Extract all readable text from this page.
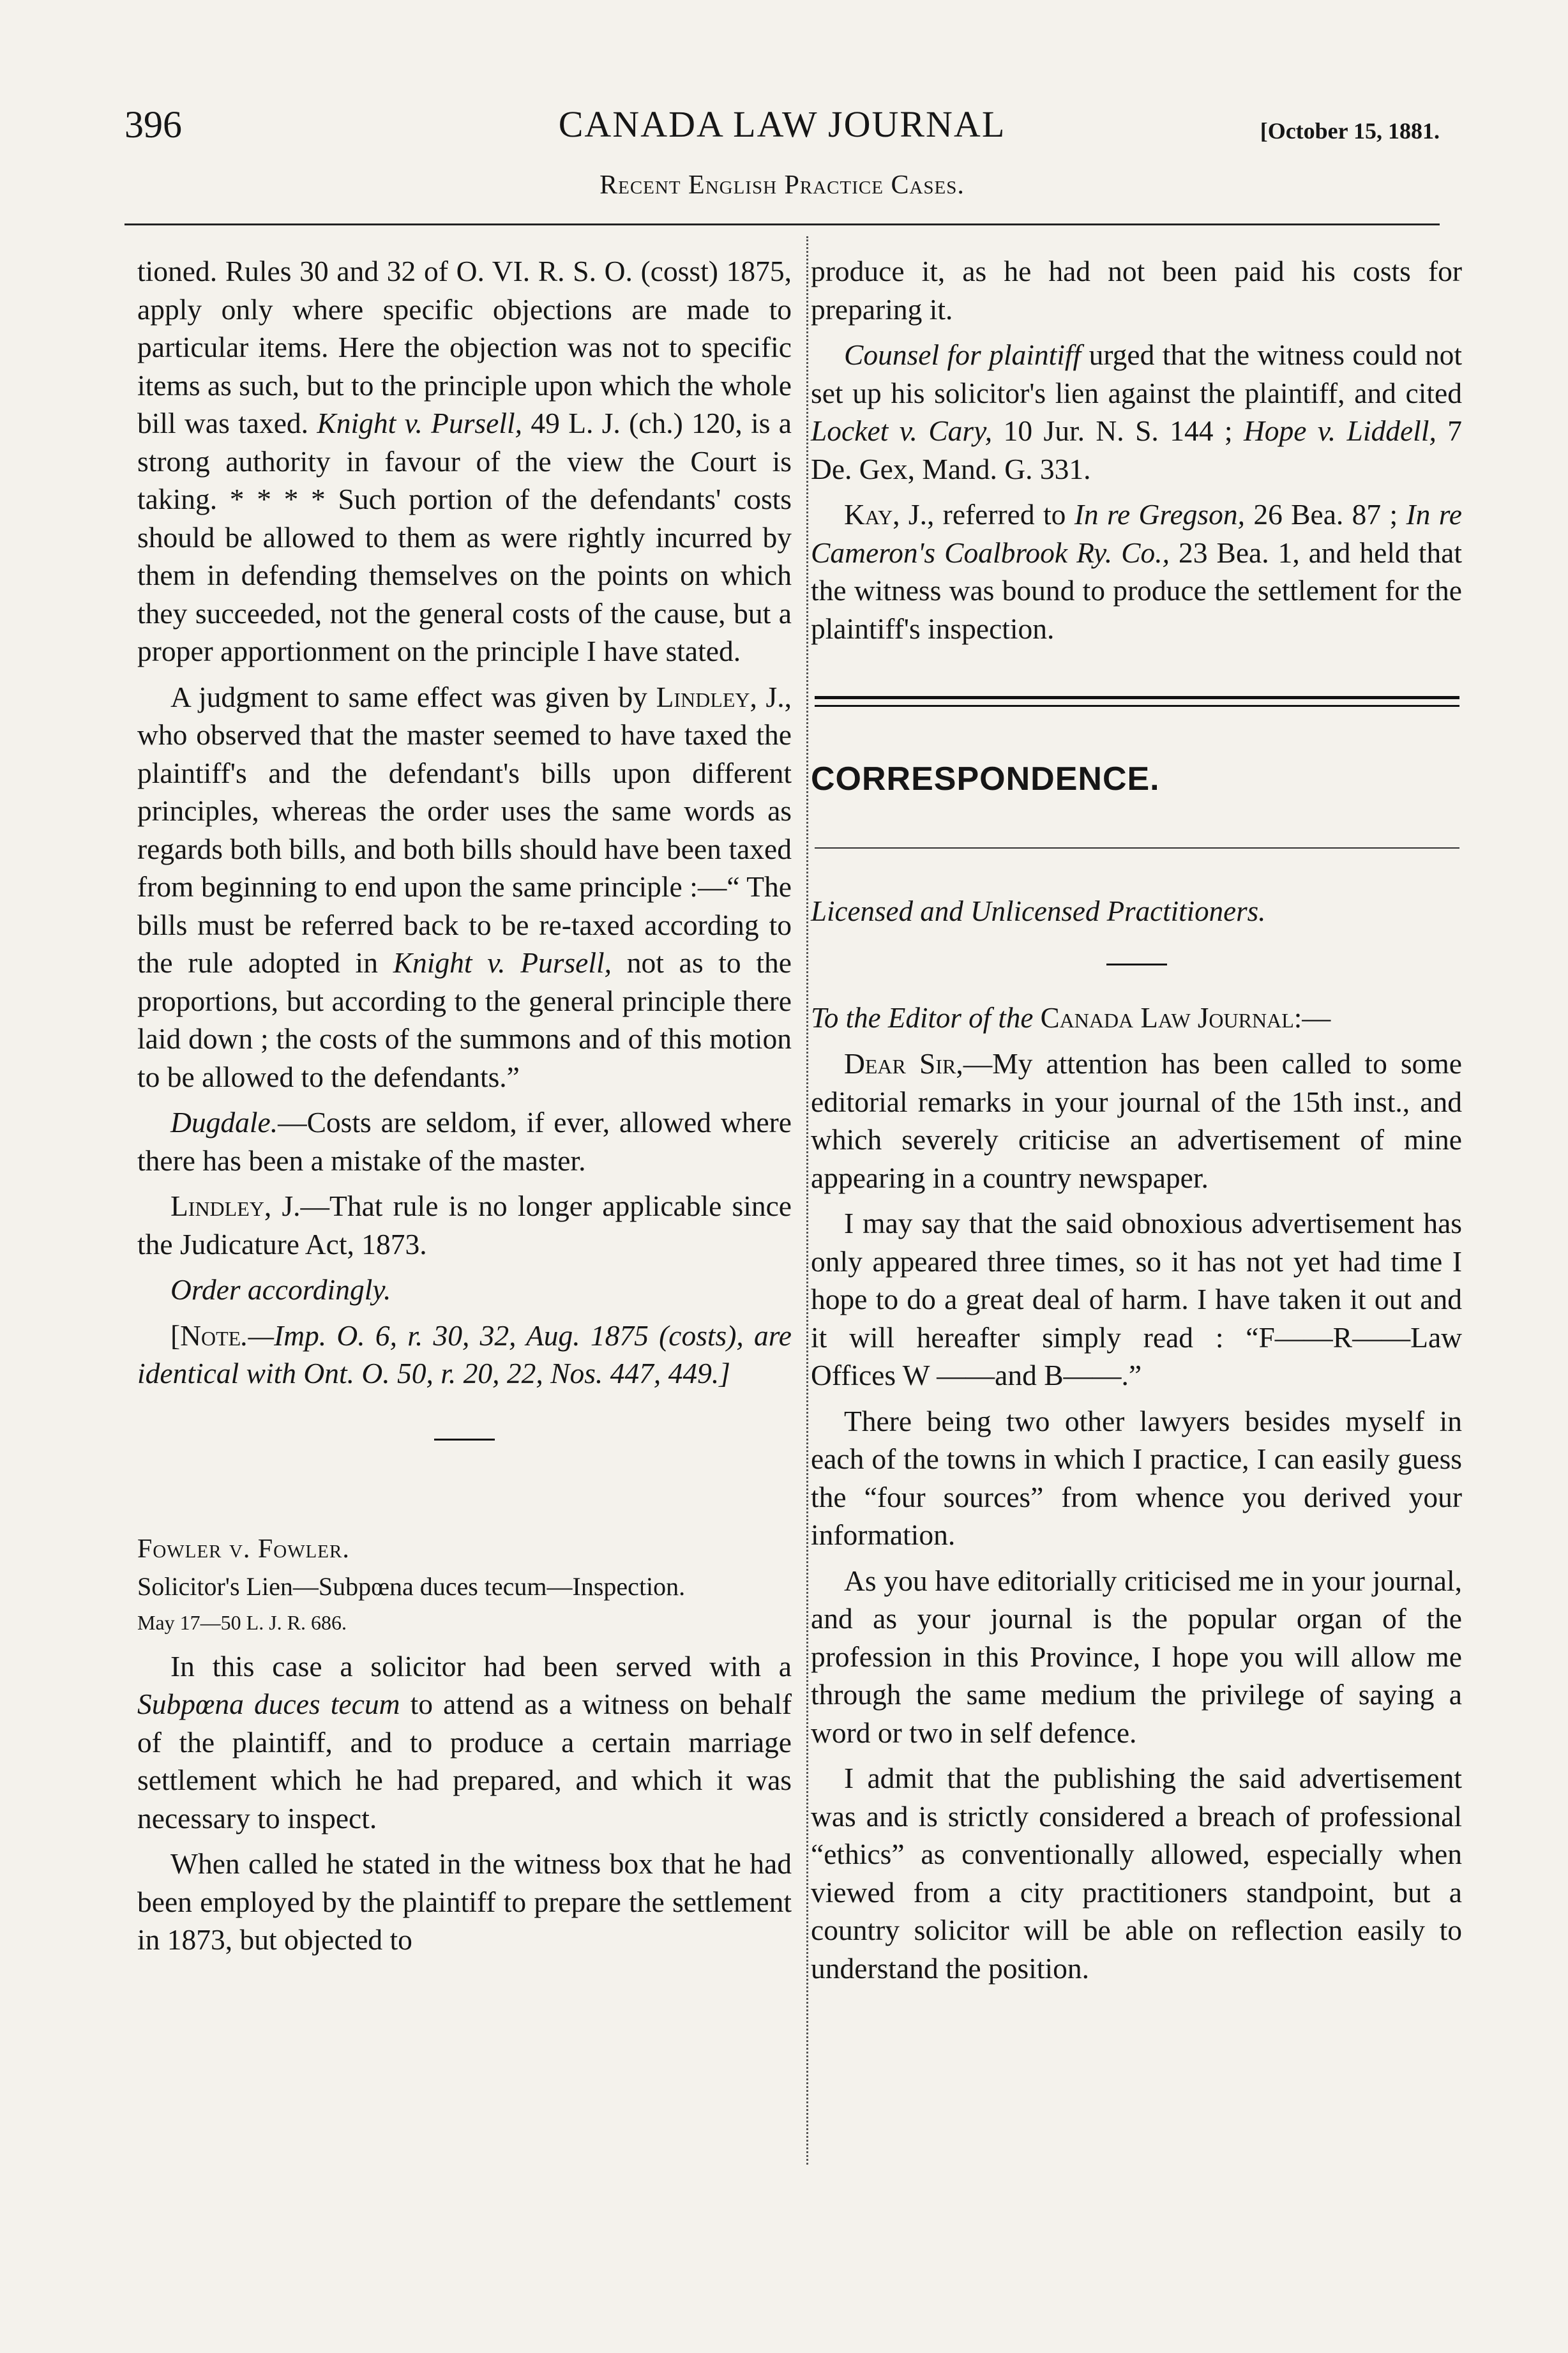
396	CANADA LAW JOURNAL	[October 15, 1881.
Recent English Practice Cases.

tioned. Rules 30 and 32 of O. VI. R. S. O. (cosst) 1875, apply only where specific objections are made to particular items. Here the objection was not to specific items as such, but to the principle upon which the whole bill was taxed. Knight v. Pursell, 49 L. J. (ch.) 120, is a strong authority in favour of the view the Court is taking. * * * * Such portion of the defendants' costs should be allowed to them as were rightly incurred by them in defending themselves on the points on which they succeeded, not the general costs of the cause, but a proper apportionment on the principle I have stated.

A judgment to same effect was given by Lindley, J., who observed that the master seemed to have taxed the plaintiff's and the defendant's bills upon different principles, whereas the order uses the same words as regards both bills, and both bills should have been taxed from beginning to end upon the same principle :—“ The bills must be referred back to be re-taxed according to the rule adopted in Knight v. Pursell, not as to the proportions, but according to the general principle there laid down ; the costs of the summons and of this motion to be allowed to the defendants.”

Dugdale.—Costs are seldom, if ever, allowed where there has been a mistake of the master.

Lindley, J.—That rule is no longer applicable since the Judicature Act, 1873.

Order accordingly.

[Note.—Imp. O. 6, r. 30, 32, Aug. 1875 (costs), are identical with Ont. O. 50, r. 20, 22, Nos. 447, 449.]

Fowler v. Fowler.

Solicitor's Lien—Subpœna duces tecum—Inspection.

May 17—50 L. J. R. 686.

In this case a solicitor had been served with a Subpœna duces tecum to attend as a witness on behalf of the plaintiff, and to produce a certain marriage settlement which he had prepared, and which it was necessary to inspect.

When called he stated in the witness box that he had been employed by the plaintiff to prepare the settlement in 1873, but objected to

produce it, as he had not been paid his costs for preparing it.

Counsel for plaintiff urged that the witness could not set up his solicitor's lien against the plaintiff, and cited Locket v. Cary, 10 Jur. N. S. 144 ; Hope v. Liddell, 7 De. Gex, Mand. G. 331.

Kay, J., referred to In re Gregson, 26 Bea. 87 ; In re Cameron's Coalbrook Ry. Co., 23 Bea. 1, and held that the witness was bound to produce the settlement for the plaintiff's inspection.

CORRESPONDENCE.

Licensed and Unlicensed Practitioners.

To the Editor of the Canada Law Journal:—

Dear Sir,—My attention has been called to some editorial remarks in your journal of the 15th inst., and which severely criticise an advertisement of mine appearing in a country newspaper.

I may say that the said obnoxious advertisement has only appeared three times, so it has not yet had time I hope to do a great deal of harm. I have taken it out and it will hereafter simply read : “F——R——Law Offices W ——and B——.”

There being two other lawyers besides myself in each of the towns in which I practice, I can easily guess the “four sources” from whence you derived your information.

As you have editorially criticised me in your journal, and as your journal is the popular organ of the profession in this Province, I hope you will allow me through the same medium the privilege of saying a word or two in self defence.

I admit that the publishing the said advertisement was and is strictly considered a breach of professional “ethics” as conventionally allowed, especially when viewed from a city practitioners standpoint, but a country solicitor will be able on reflection easily to understand the position.
